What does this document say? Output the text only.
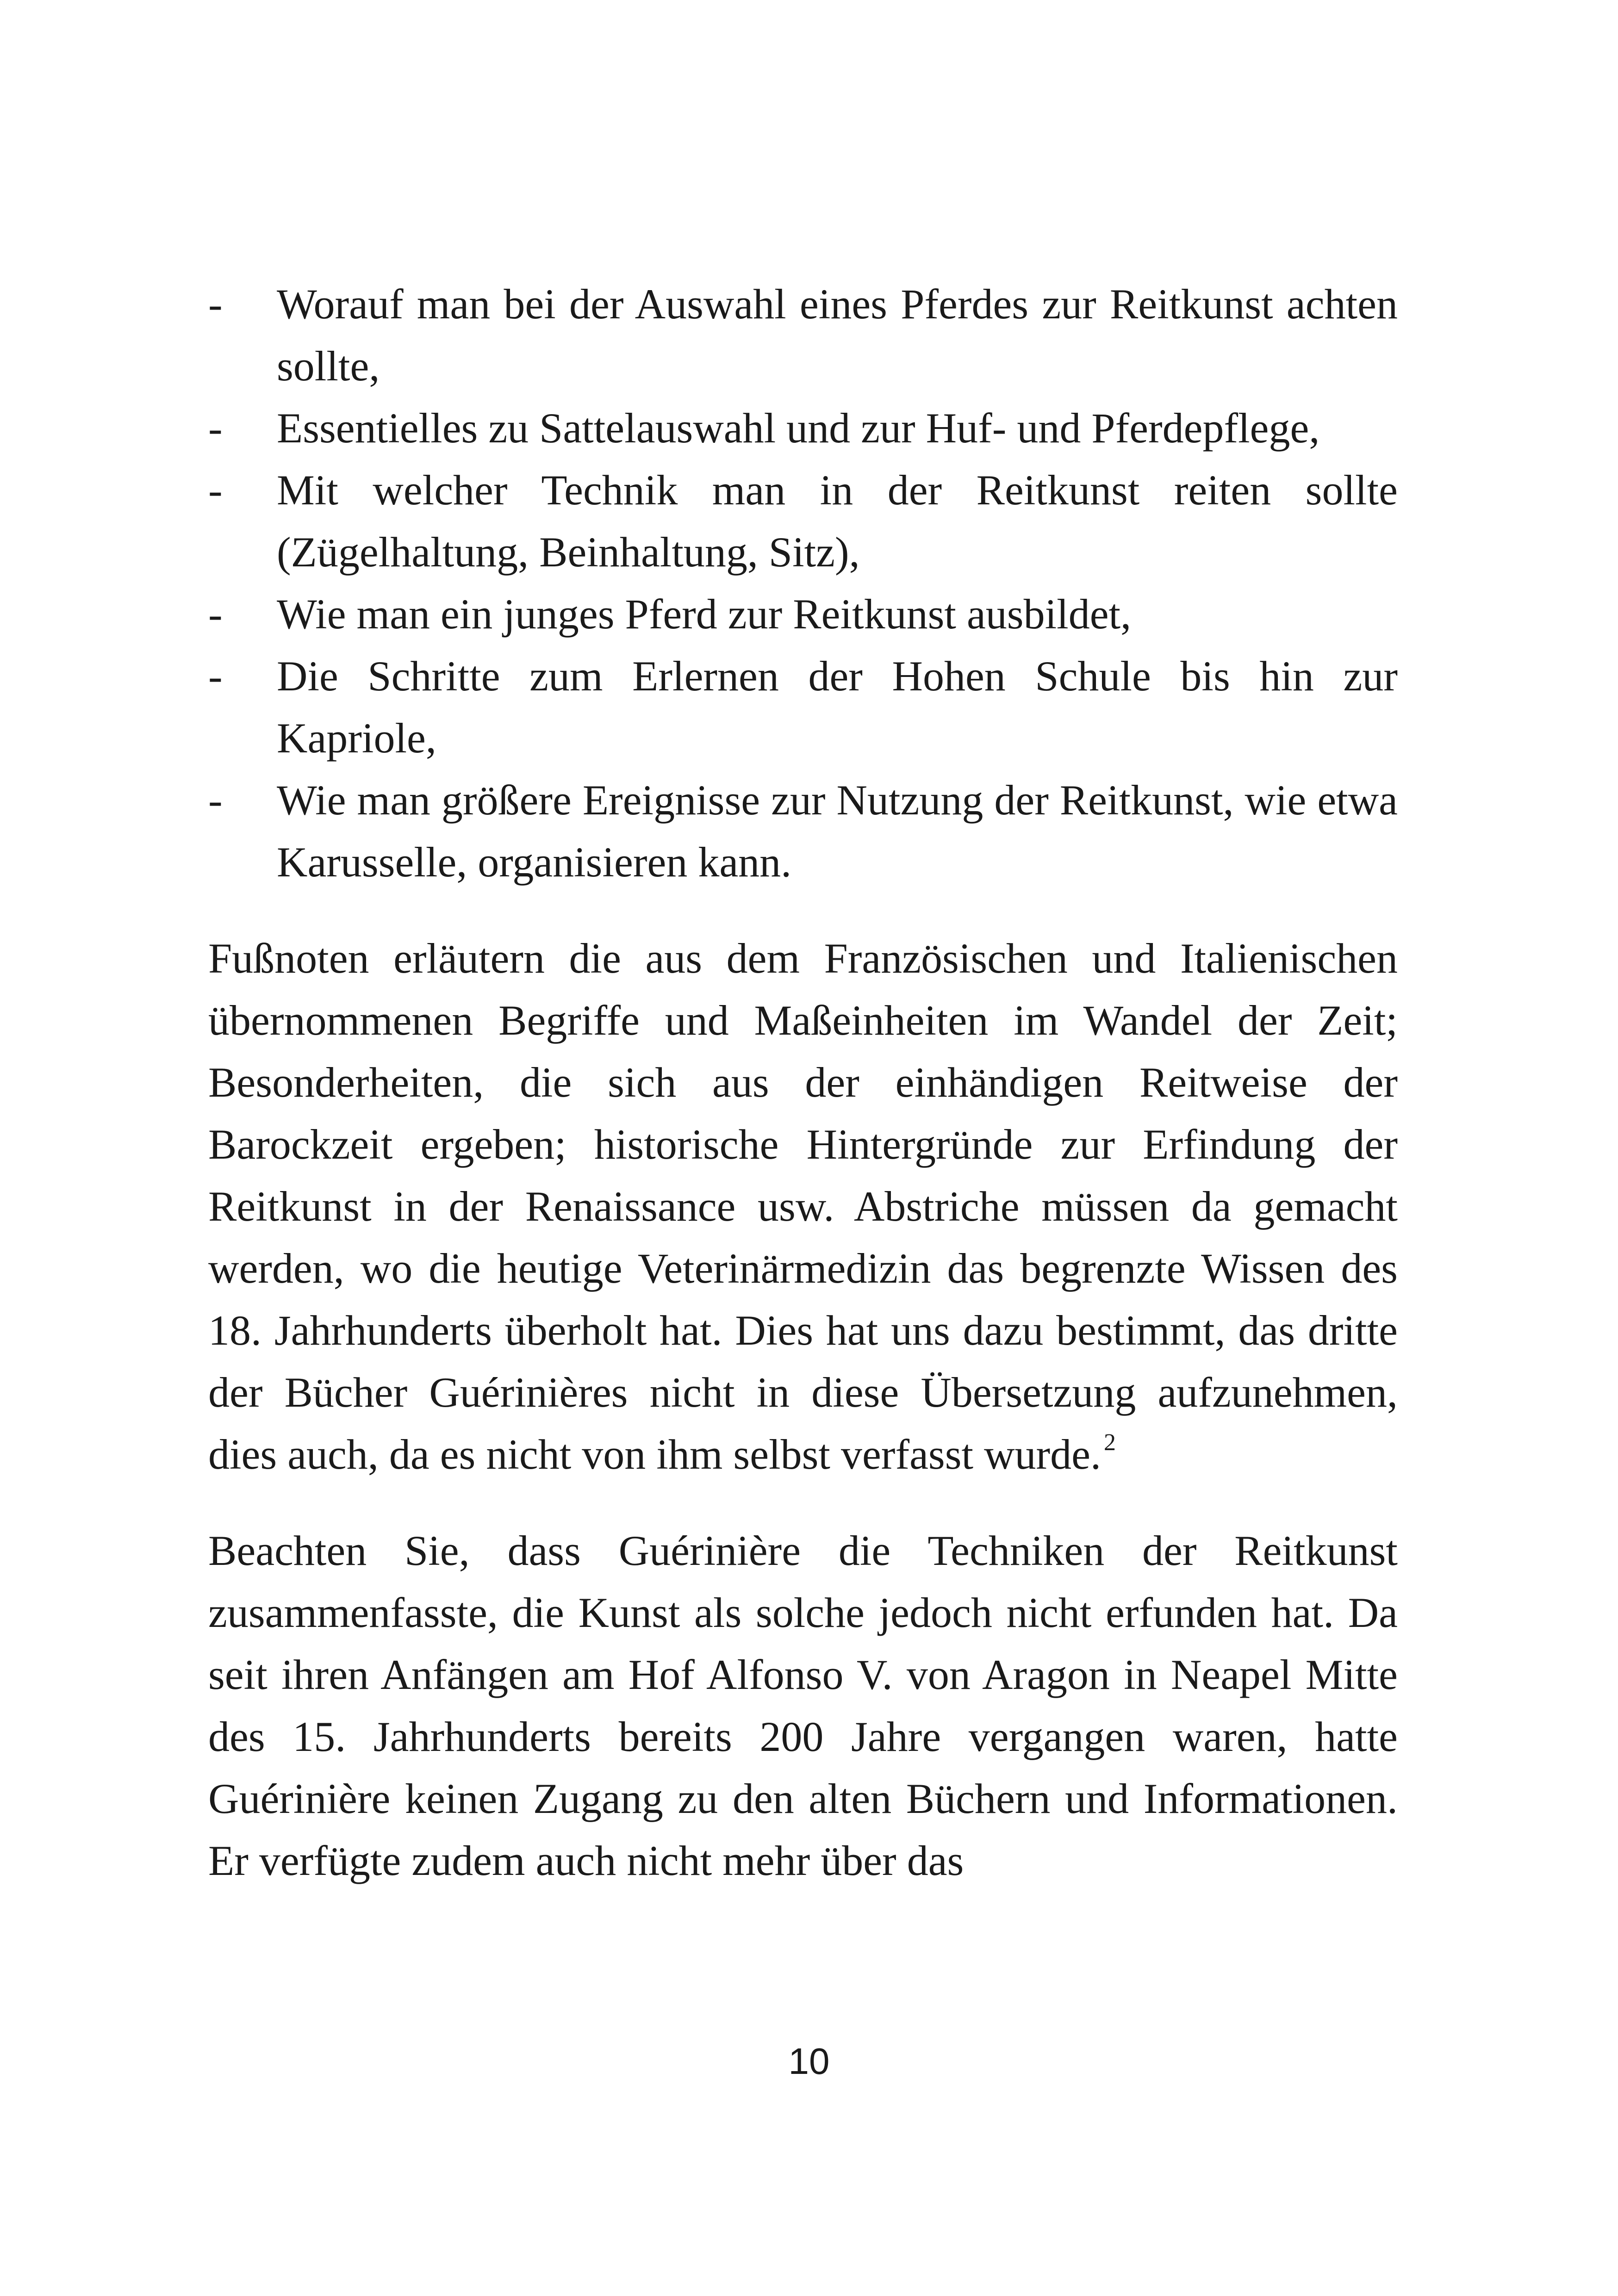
- Worauf man bei der Auswahl eines Pferdes zur Reitkunst achten sollte,
- Essentielles zu Sattelauswahl und zur Huf- und Pferdepflege,
- Mit welcher Technik man in der Reitkunst reiten sollte (Zügelhaltung, Beinhaltung, Sitz),
- Wie man ein junges Pferd zur Reitkunst ausbildet,
- Die Schritte zum Erlernen der Hohen Schule bis hin zur Kapriole,
- Wie man größere Ereignisse zur Nutzung der Reitkunst, wie etwa Karusselle, organisieren kann.

Fußnoten erläutern die aus dem Französischen und Italienischen übernommenen Begriffe und Maßeinheiten im Wandel der Zeit; Besonderheiten, die sich aus der einhändigen Reitweise der Barockzeit ergeben; historische Hintergründe zur Erfindung der Reitkunst in der Renaissance usw. Abstriche müssen da gemacht werden, wo die heutige Veterinärmedizin das begrenzte Wissen des 18. Jahrhunderts überholt hat. Dies hat uns dazu bestimmt, das dritte der Bücher Guérinières nicht in diese Übersetzung aufzunehmen, dies auch, da es nicht von ihm selbst verfasst wurde. $^2$

Beachten Sie, dass Guérinière die Techniken der Reitkunst zusammenfasste, die Kunst als solche jedoch nicht erfunden hat. Da seit ihren Anfängen am Hof Alfonso V. von Aragon in Neapel Mitte des 15. Jahrhunderts bereits 200 Jahre vergangen waren, hatte Guérinière keinen Zugang zu den alten Büchern und Informationen. Er verfügte zudem auch nicht mehr über das

10
